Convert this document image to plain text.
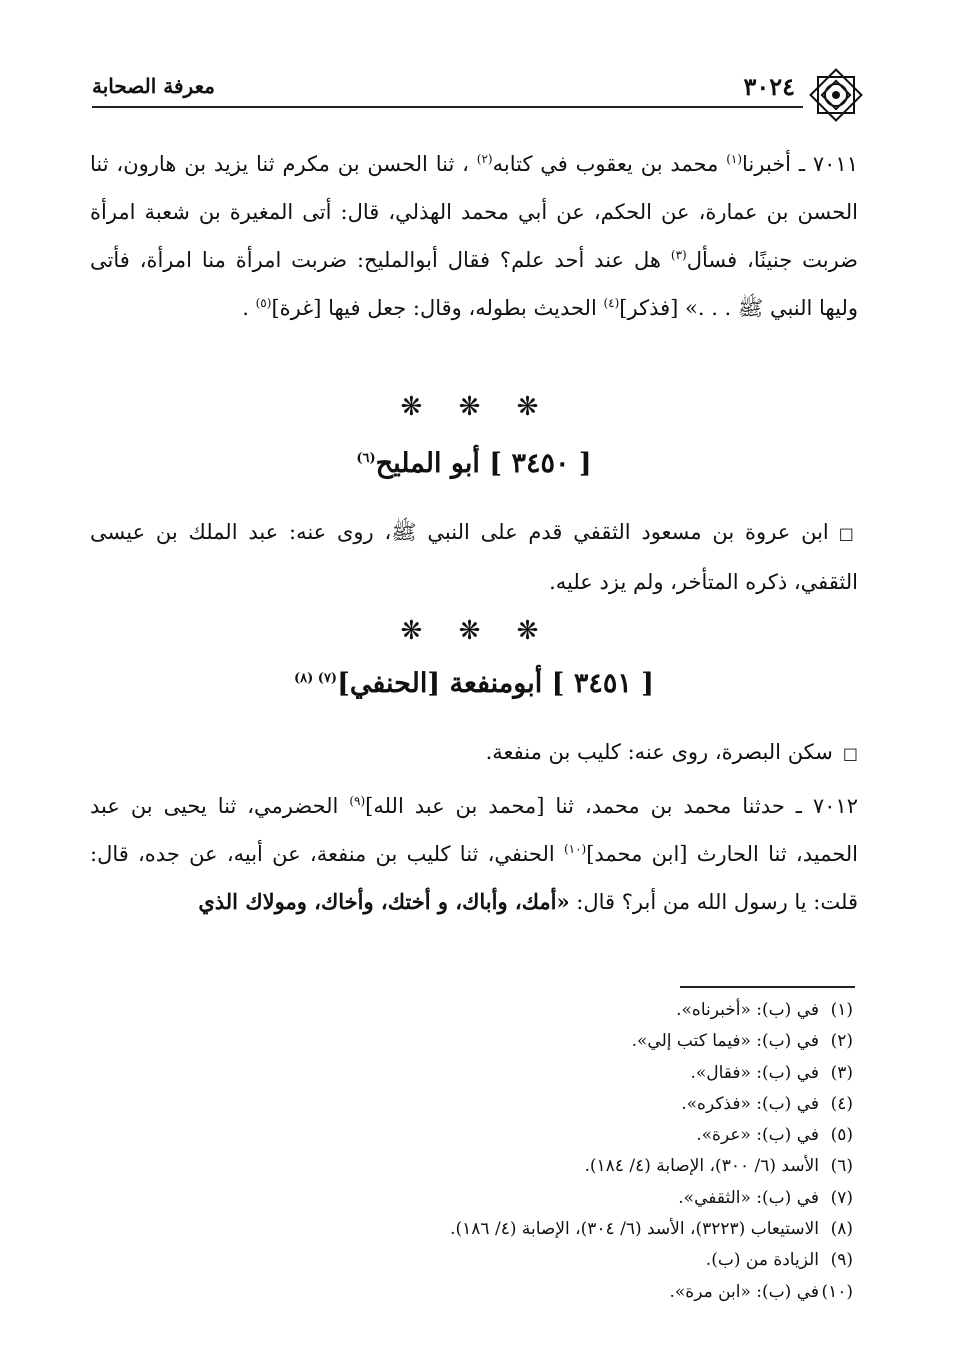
٣٠٢٤
معرفة الصحابة
٧٠١١ ـ أخبرنا$^{(١)}$ محمد بن يعقوب في كتابه$^{(٢)}$ ، ثنا الحسن بن مكرم ثنا يزيد بن هارون، ثنا الحسن بن عمارة، عن الحكم، عن أبي محمد الهذلي، قال: أتى المغيرة بن شعبة امرأة ضربت جنينًا، فسأل$^{(٣)}$ هل عند أحد علم؟ فقال أبوالمليح: ضربت امرأة منا امرأة، فأتى وليها النبي ﷺ . . .» [فذكر]$^{(٤)}$ الحديث بطوله، وقال: جعل فيها [غرة]$^{(٥)}$ .
❋ ❋ ❋
[ ٣٤٥٠ ] أبو المليح$^{(٦)}$
□ابن عروة بن مسعود الثقفي قدم على النبي ﷺ، روى عنه: عبد الملك بن عيسى الثقفي، ذكره المتأخر، ولم يزد عليه.
❋ ❋ ❋
[ ٣٤٥١ ] أبومنفعة [الحنفي]$^{(٧) (٨)}$
□سكن البصرة، روى عنه: كليب بن منفعة.
٧٠١٢ ـ حدثنا محمد بن محمد، ثنا [محمد بن عبد الله]$^{(٩)}$ الحضرمي، ثنا يحيى بن عبد الحميد، ثنا الحارث [ابن محمد]$^{(١٠)}$ الحنفي، ثنا كليب بن منفعة، عن أبيه، عن جده، قال: قلت: يا رسول الله من أبر؟ قال: «أمك، وأباك، و أختك، وأخاك، ومولاك الذي
(١)في (ب): «أخبرناه».
(٢)في (ب): «فيما كتب إلي».
(٣)في (ب): «فقال».
(٤)في (ب): «فذكره».
(٥)في (ب): «عرة».
(٦)الأسد (٦/ ٣٠٠)، الإصابة (٤/ ١٨٤).
(٧)في (ب): «الثقفي».
(٨)الاستيعاب (٣٢٢٣)، الأسد (٦/ ٣٠٤)، الإصابة (٤/ ١٨٦).
(٩)الزيادة من (ب).
(١٠)في (ب): «ابن مرة».
